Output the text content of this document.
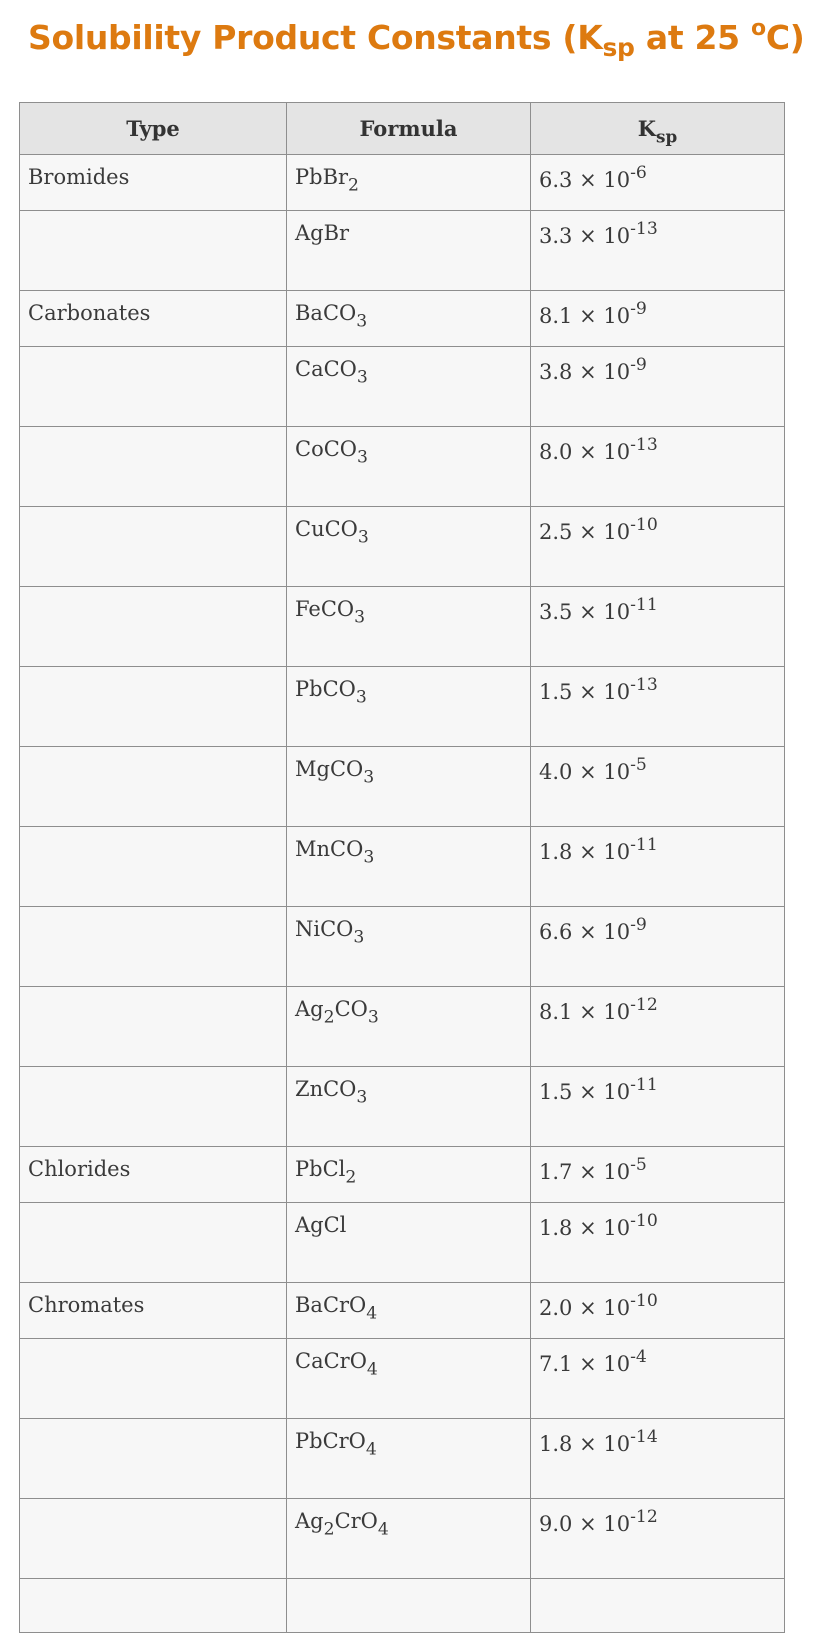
Solubility Product Constants ($K_{sp}$ at 25 $^o$C)
Type	Formula	$K_{sp}$
Bromides	PbBr$_2$	$6.3 \times 10^{-6}$
	AgBr	$3.3 \times 10^{-13}$
Carbonates	BaCO$_3$	$8.1 \times 10^{-9}$
	CaCO$_3$	$3.8 \times 10^{-9}$
	CoCO$_3$	$8.0 \times 10^{-13}$
	CuCO$_3$	$2.5 \times 10^{-10}$
	FeCO$_3$	$3.5 \times 10^{-11}$
	PbCO$_3$	$1.5 \times 10^{-13}$
	MgCO$_3$	$4.0 \times 10^{-5}$
	MnCO$_3$	$1.8 \times 10^{-11}$
	NiCO$_3$	$6.6 \times 10^{-9}$
	$Ag_2CO_3$	$8.1 \times 10^{-12}$
	ZnCO$_3$	$1.5 \times 10^{-11}$
Chlorides	PbCl$_2$	$1.7 \times 10^{-5}$
	AgCl	$1.8 \times 10^{-10}$
Chromates	BaCrO$_4$	$2.0 \times 10^{-10}$
	CaCrO$_4$	$7.1 \times 10^{-4}$
	PbCrO$_4$	$1.8 \times 10^{-14}$
	$Ag_2CrO_4$	$9.0 \times 10^{-12}$
